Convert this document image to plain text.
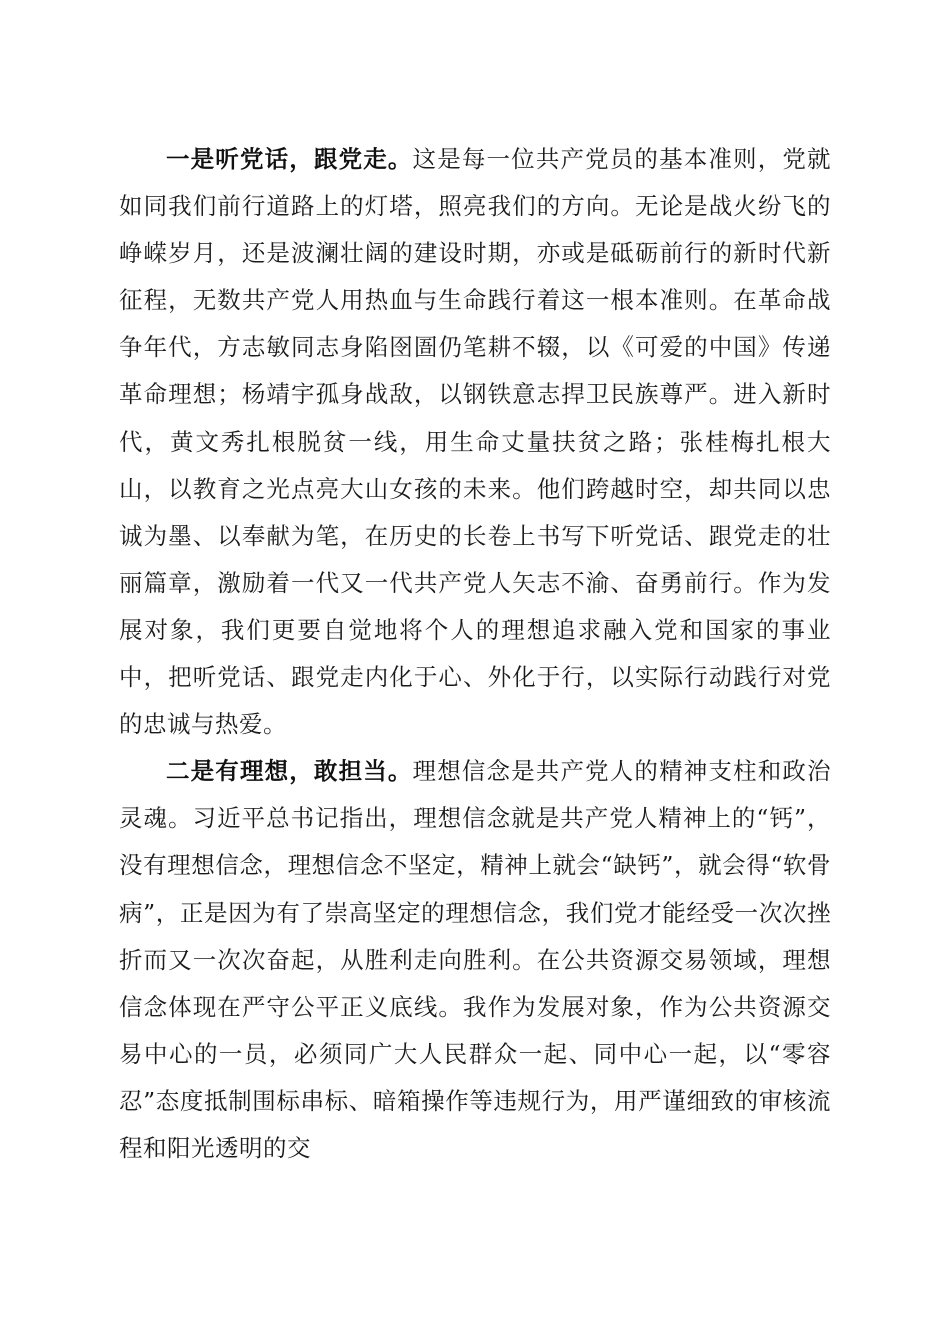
一是听党话，跟党走。这是每一位共产党员的基本准则，党就如同我们前行道路上的灯塔，照亮我们的方向。无论是战火纷飞的峥嵘岁月，还是波澜壮阔的建设时期，亦或是砥砺前行的新时代新征程，无数共产党人用热血与生命践行着这一根本准则。在革命战争年代，方志敏同志身陷囹圄仍笔耕不辍，以《可爱的中国》传递革命理想；杨靖宇孤身战敌，以钢铁意志捍卫民族尊严。进入新时代，黄文秀扎根脱贫一线，用生命丈量扶贫之路；张桂梅扎根大山，以教育之光点亮大山女孩的未来。他们跨越时空，却共同以忠诚为墨、以奉献为笔，在历史的长卷上书写下听党话、跟党走的壮丽篇章，激励着一代又一代共产党人矢志不渝、奋勇前行。作为发展对象，我们更要自觉地将个人的理想追求融入党和国家的事业中，把听党话、跟党走内化于心、外化于行，以实际行动践行对党的忠诚与热爱。

二是有理想，敢担当。理想信念是共产党人的精神支柱和政治灵魂。习近平总书记指出，理想信念就是共产党人精神上的“钙”，没有理想信念，理想信念不坚定，精神上就会“缺钙”，就会得“软骨病”，正是因为有了崇高坚定的理想信念，我们党才能经受一次次挫折而又一次次奋起，从胜利走向胜利。在公共资源交易领域，理想信念体现在严守公平正义底线。我作为发展对象，作为公共资源交易中心的一员，必须同广大人民群众一起、同中心一起，以“零容忍”态度抵制围标串标、暗箱操作等违规行为，用严谨细致的审核流程和阳光透明的交
